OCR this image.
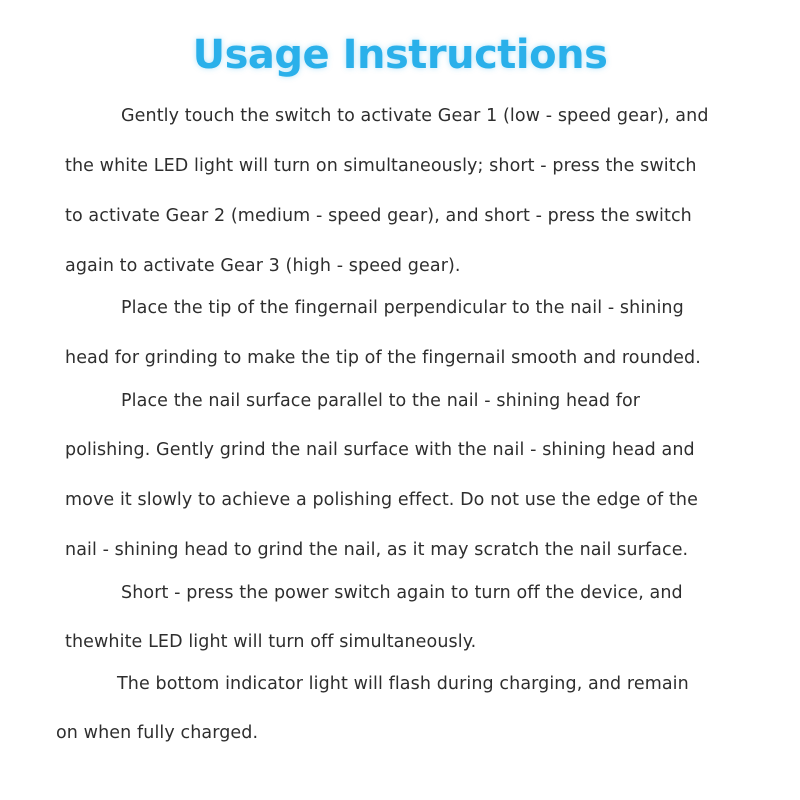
Usage Instructions
Gently touch the switch to activate Gear 1 (low - speed gear), and
the white LED light will turn on simultaneously; short - press the switch
to activate Gear 2 (medium - speed gear), and short - press the switch
again to activate Gear 3 (high - speed gear).
Place the tip of the fingernail perpendicular to the nail - shining
head for grinding to make the tip of the fingernail smooth and rounded.
Place the nail surface parallel to the nail - shining head for
polishing. Gently grind the nail surface with the nail - shining head and
move it slowly to achieve a polishing effect. Do not use the edge of the
nail - shining head to grind the nail, as it may scratch the nail surface.
Short - press the power switch again to turn off the device, and
thewhite LED light will turn off simultaneously.
The bottom indicator light will flash during charging, and remain
on when fully charged.
